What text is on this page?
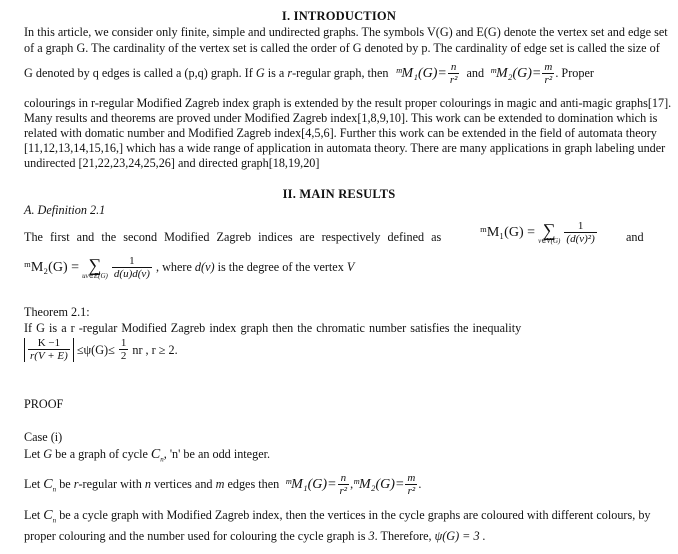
I. INTRODUCTION
In this article, we consider only finite, simple and undirected graphs. The symbols V(G) and E(G) denote the vertex set and edge set
of a graph G. The cardinality of the vertex set is called the order of G denoted by p. The cardinality of edge set is called the size of
G denoted by q edges is called a (p,q) graph. If G is a r-regular graph, then ᵐM₁(G)= $\frac{n}{\text{r²}}$ and ᵐM₂(G)= $\frac{m}{\text{r²}}$ . Proper
colourings in r-regular Modified Zagreb index graph is extended by the result proper colourings in magic and anti-magic graphs[17].
Many results and theorems are proved under Modified Zagreb index[1,8,9,10]. This work can be extended to domination which is
related with domatic number and Modified Zagreb index[4,5,6]. Further this work can be extended in the field of automata theory
[11,12,13,14,15,16,] which has a wide range of application in automata theory. There are many applications in graph labeling under
undirected [21,22,23,24,25,26] and directed graph[18,19,20]
II. MAIN RESULTS
A. Definition 2.1
The first and the second Modified Zagreb indices are respectively defined as	ᵐM₁(G) = ∑
v∈V(G)
$\frac{1}{\text{(d(v)²)}}$ and
ᵐM₂(G) = ∑
uv∈E(G)
$\frac{1}{d(u)d(v)}$ , where d(v) is the degree of the vertex V
Theorem 2.1:
If G is a r -regular Modified Zagreb index graph then the chromatic number satisfies the inequality
$\frac{K -1}{r(V + E)} \le\psi(G)\le \frac{1}{2}$ nr , r ≥ 2.
PROOF
Case (i)
Let G be a graph of cycle $C_n$, 'n' be an odd integer.
Let $C_n$ be r-regular with n vertices and m edges then ᵐM₁(G)= $\frac{n}{\text{r²}}$ ,ᵐM₂(G)= $\frac{m}{\text{r²}}$ .
Let $C_n$ be a cycle graph with Modified Zagreb index, then the vertices in the cycle graphs are coloured with different colours, by
proper colouring and the number used for colouring the cycle graph is 3. Therefore, ψ(G) = 3 .
